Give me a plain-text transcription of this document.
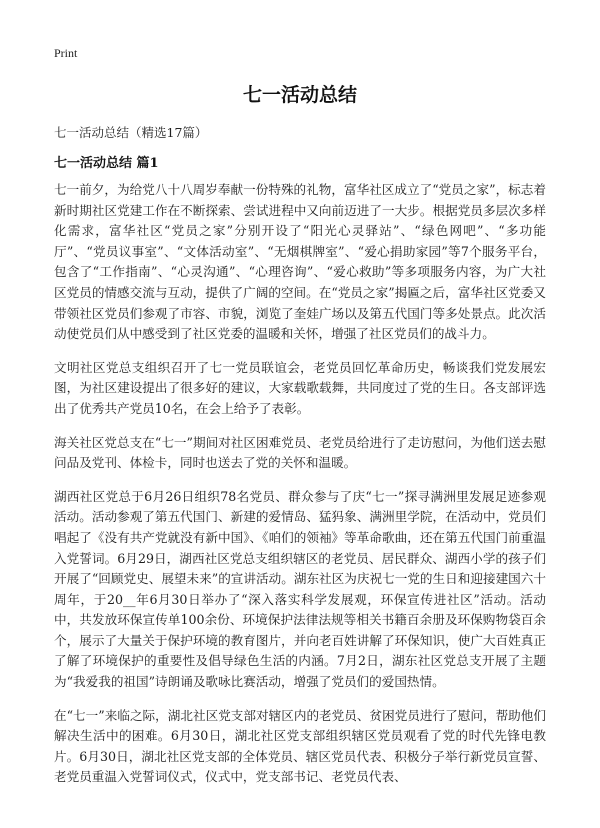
Print
七一活动总结
七一活动总结（精选17篇）
七一活动总结 篇1

七一前夕，为给党八十八周岁奉献一份特殊的礼物，富华社区成立了“党员之家”，标志着新时期社区党建工作在不断探索、尝试进程中又向前迈进了一大步。根据党员多层次多样化需求，富华社区“党员之家”分别开设了“阳光心灵驿站”、“绿色网吧”、“多功能厅”、“党员议事室”、“文体活动室”、“无烟棋牌室”、“爱心捐助家园”等7个服务平台，包含了“工作指南”、“心灵沟通”、“心理咨询”、“爱心救助”等多项服务内容，为广大社区党员的情感交流与互动，提供了广阔的空间。在“党员之家”揭匾之后，富华社区党委又带领社区党员们参观了市容、市貌，浏览了奎娃广场以及第五代国门等多处景点。此次活动使党员们从中感受到了社区党委的温暖和关怀，增强了社区党员们的战斗力。

文明社区党总支组织召开了七一党员联谊会，老党员回忆革命历史，畅谈我们党发展宏图，为社区建设提出了很多好的建议，大家载歌载舞，共同度过了党的生日。各支部评选出了优秀共产党员10名，在会上给予了表彰。

海关社区党总支在“七一”期间对社区困难党员、老党员给进行了走访慰问，为他们送去慰问品及党刊、体检卡，同时也送去了党的关怀和温暖。

湖西社区党总于6月26日组织78名党员、群众参与了庆“七一”探寻满洲里发展足迹参观活动。活动参观了第五代国门、新建的爱情岛、猛犸象、满洲里学院，在活动中，党员们唱起了《没有共产党就没有新中国》、《咱们的领袖》等革命歌曲，还在第五代国门前重温入党誓词。6月29日，湖西社区党总支组织辖区的老党员、居民群众、湖西小学的孩子们开展了“回顾党史、展望未来”的宣讲活动。湖东社区为庆祝七一党的生日和迎接建国六十周年，于20__年6月30日举办了“深入落实科学发展观，环保宣传进社区”活动。活动中，共发放环保宣传单100余份、环境保护法律法规等相关书籍百余册及环保购物袋百余个，展示了大量关于保护环境的教育图片，并向老百姓讲解了环保知识，使广大百姓真正了解了环境保护的重要性及倡导绿色生活的内涵。7月2日，湖东社区党总支开展了主题为“我爱我的祖国”诗朗诵及歌咏比赛活动，增强了党员们的爱国热情。

在“七一”来临之际，湖北社区党支部对辖区内的老党员、贫困党员进行了慰问，帮助他们解决生活中的困难。6月30日，湖北社区党支部组织辖区党员观看了党的时代先锋电教片。6月30日，湖北社区党支部的全体党员、辖区党员代表、积极分子举行新党员宣誓、老党员重温入党誓词仪式，仪式中，党支部书记、老党员代表、
